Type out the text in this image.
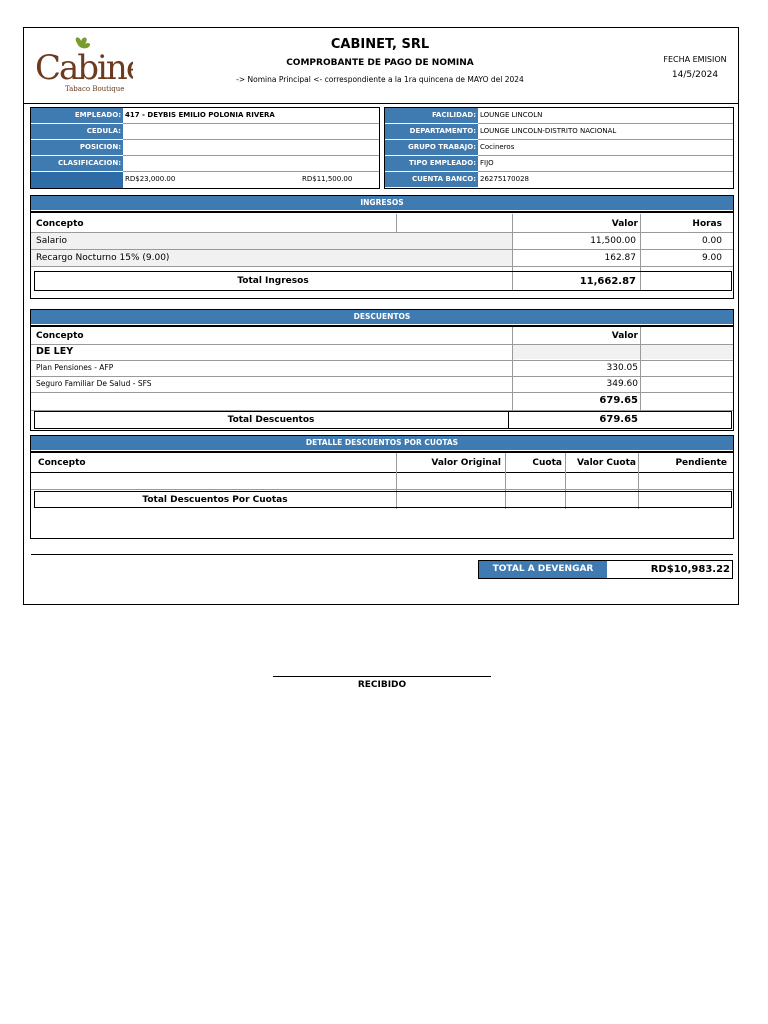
Cabin
Tabaco Boutique
CABINET, SRL
COMPROBANTE DE PAGO DE NOMINA
-> Nomina Principal <- correspondiente a la 1ra quincena de MAYO del 2024
FECHA EMISION
14/5/2024
EMPLEADO: 417 - DEYBIS EMILIO POLONIA RIVERA
CEDULA:
POSICION:
CLASIFICACION:
RD$23,000.00	RD$11,500.00
FACILIDAD: LOUNGE LINCOLN
DEPARTAMENTO: LOUNGE LINCOLN-DISTRITO NACIONAL
GRUPO TRABAJO: Cocineros
TIPO EMPLEADO: FIJO
CUENTA BANCO: 26275170028
INGRESOS
Concepto	Valor	Horas
Salario	11,500.00	0.00
Recargo Nocturno 15% (9.00)	162.87	9.00
Total Ingresos	11,662.87
DESCUENTOS
Concepto	Valor
DE LEY
Plan Pensiones - AFP	330.05
Seguro Familiar De Salud - SFS	349.60
679.65
Total Descuentos	679.65
DETALLE DESCUENTOS POR CUOTAS
Concepto	Valor Original	Cuota	Valor Cuota	Pendiente
Total Descuentos Por Cuotas
TOTAL A DEVENGAR	RD$10,983.22
RECIBIDO
